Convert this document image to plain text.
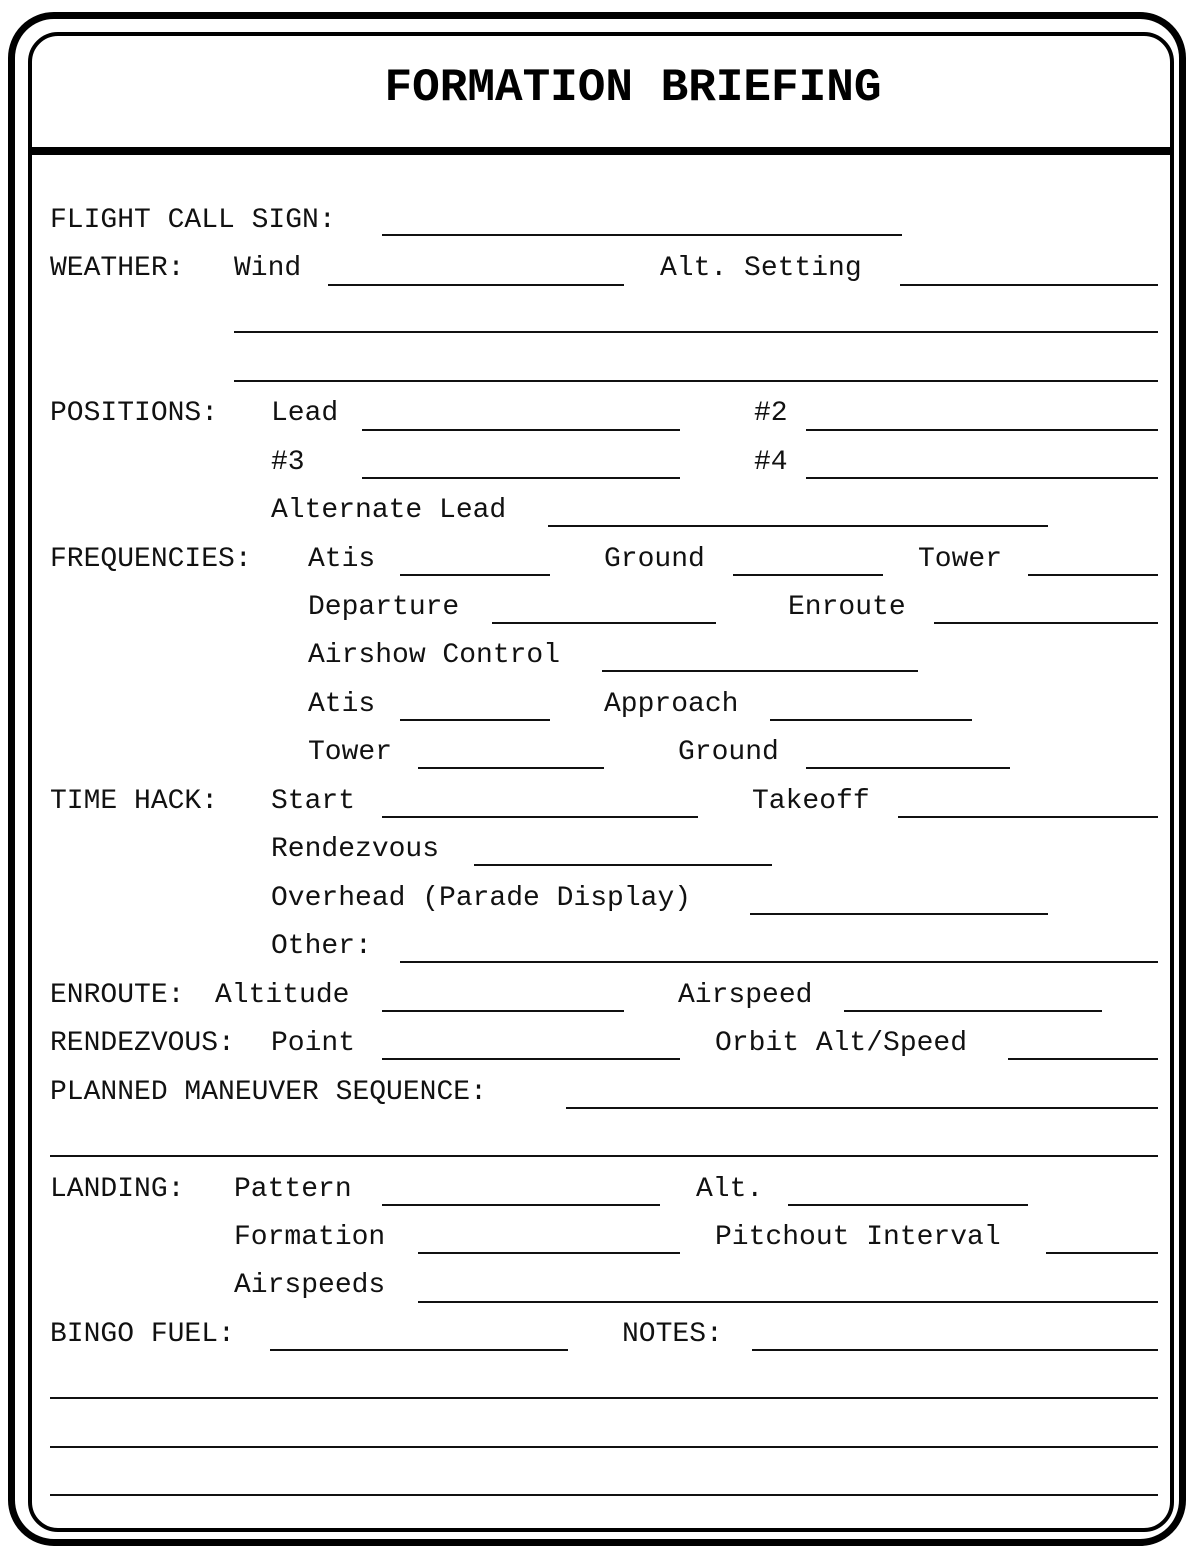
FORMATION BRIEFING
FLIGHT CALL SIGN:
WEATHER: Wind	Alt. Setting
POSITIONS: Lead	#2
#3	#4
Alternate Lead
FREQUENCIES: Atis	Ground	Tower
Departure	Enroute
Airshow Control
Atis	Approach
Tower	Ground
TIME HACK: Start	Takeoff
Rendezvous
Overhead (Parade Display)
Other:
ENROUTE: Altitude	Airspeed
RENDEZVOUS: Point	Orbit Alt/Speed
PLANNED MANEUVER SEQUENCE:
LANDING: Pattern	Alt.
Formation	Pitchout Interval
Airspeeds
BINGO FUEL:	NOTES:
